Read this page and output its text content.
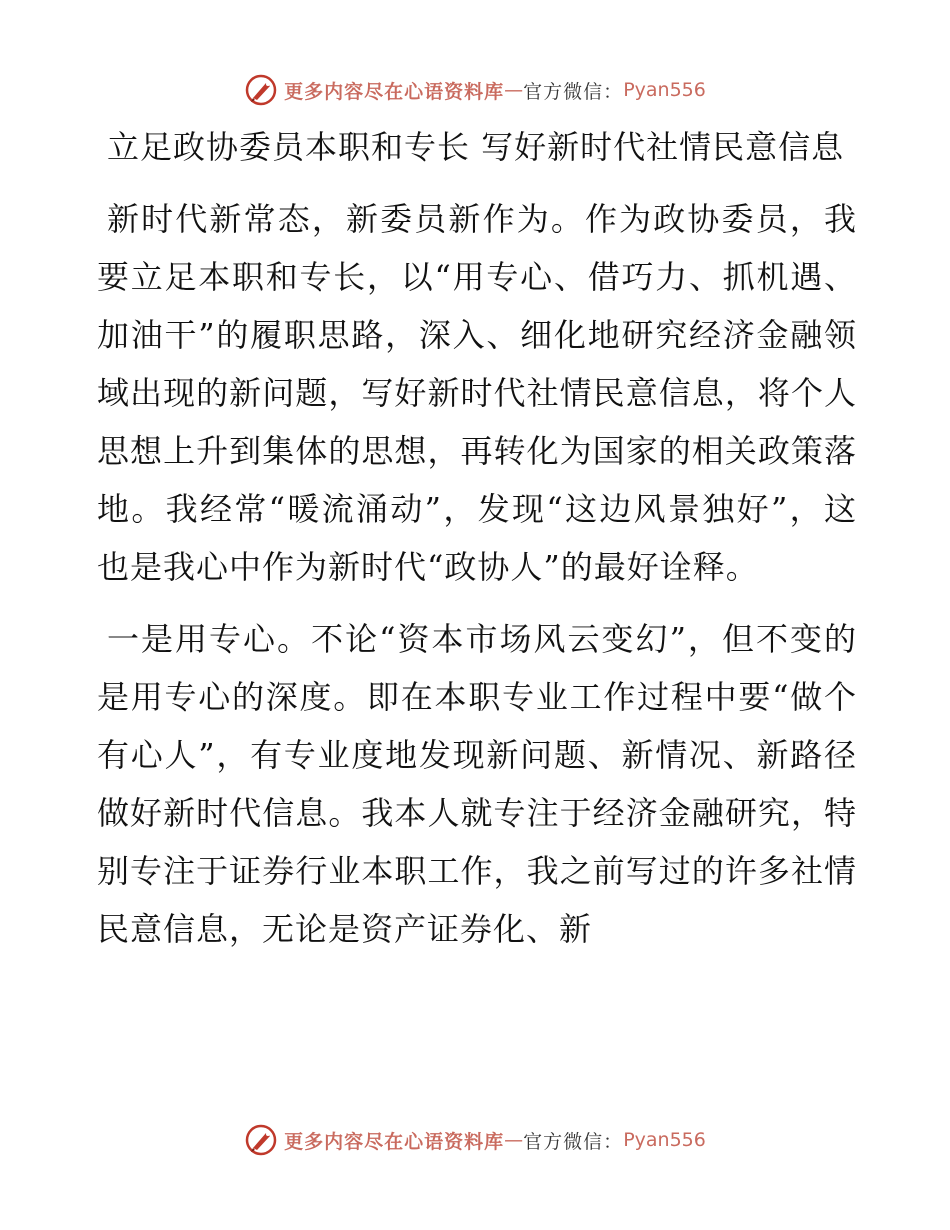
更多内容尽在心语资料库 — 官方微信： Pyan556

立足政协委员本职和专长 写好新时代社情民意信息

新时代新常态，新委员新作为。作为政协委员，我要立足本职和专长，以“用专心、借巧力、抓机遇、加油干”的履职思路，深入、细化地研究经济金融领域出现的新问题，写好新时代社情民意信息，将个人思想上升到集体的思想，再转化为国家的相关政策落地。我经常“暖流涌动”，发现“这边风景独好”，这也是我心中作为新时代“政协人”的最好诠释。

一是用专心。不论“资本市场风云变幻”，但不变的是用专心的深度。即在本职专业工作过程中要“做个有心人”，有专业度地发现新问题、新情况、新路径做好新时代信息。我本人就专注于经济金融研究，特别专注于证券行业本职工作，我之前写过的许多社情民意信息，无论是资产证券化、新

更多内容尽在心语资料库 — 官方微信： Pyan556
